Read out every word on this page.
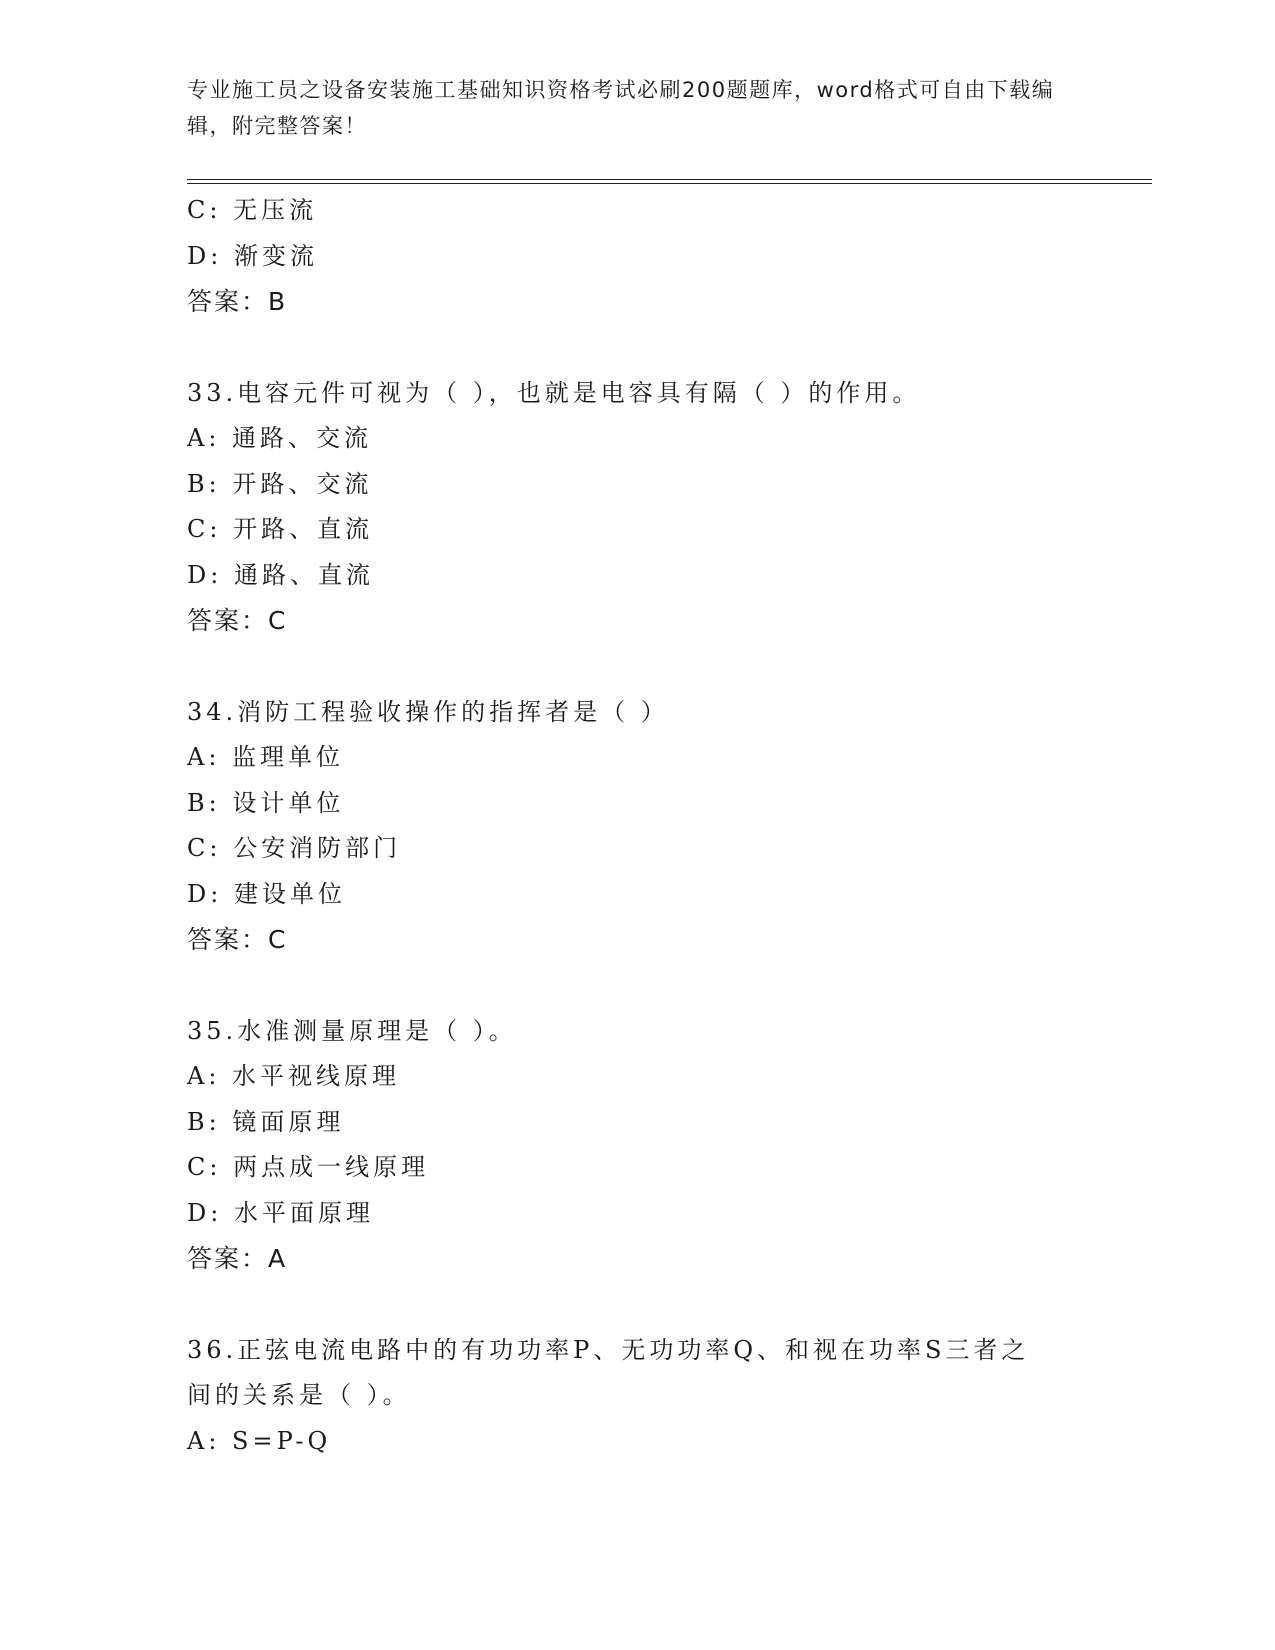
专业施工员之设备安装施工基础知识资格考试必刷200题题库，word格式可自由下载编辑，附完整答案！
C: 无压流
D: 渐变流
答案：B
33.电容元件可视为（ ），也就是电容具有隔（ ）的作用。
A: 通路、交流
B: 开路、交流
C: 开路、直流
D: 通路、直流
答案：C
34.消防工程验收操作的指挥者是（ ）
A: 监理单位
B: 设计单位
C: 公安消防部门
D: 建设单位
答案：C
35.水准测量原理是（ ）。
A: 水平视线原理
B: 镜面原理
C: 两点成一线原理
D: 水平面原理
答案：A
36.正弦电流电路中的有功功率P、无功功率Q、和视在功率S三者之间的关系是（ ）。
A: S=P-Q
